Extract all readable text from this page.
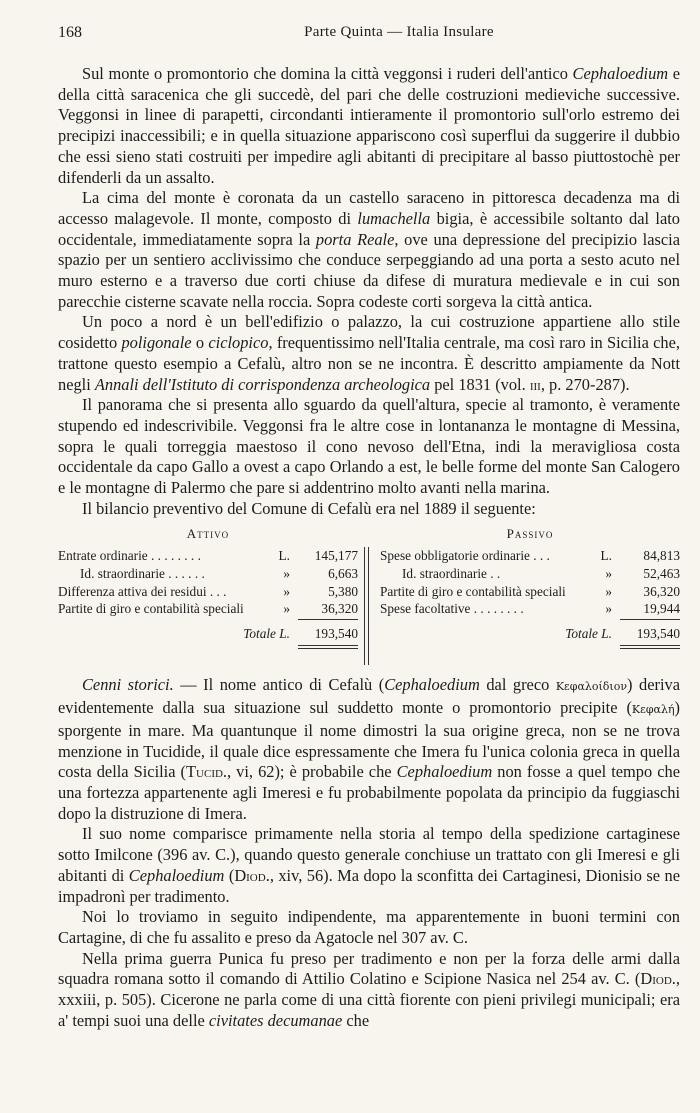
168	Parte Quinta — Italia Insulare

Sul monte o promontorio che domina la città veggonsi i ruderi dell'antico Cephaloedium e della città saracenica che gli succedè, del pari che delle costruzioni medieviche successive. Veggonsi in linee di parapetti, circondanti intieramente il promontorio sull'orlo estremo dei precipizi inaccessibili; e in quella situazione appariscono così superflui da suggerire il dubbio che essi sieno stati costruiti per impedire agli abitanti di precipitare al basso piuttostochè per difenderli da un assalto.

La cima del monte è coronata da un castello saraceno in pittoresca decadenza ma di accesso malagevole. Il monte, composto di lumachella bigia, è accessibile soltanto dal lato occidentale, immediatamente sopra la porta Reale, ove una depressione del precipizio lascia spazio per un sentiero acclivissimo che conduce serpeggiando ad una porta a sesto acuto nel muro esterno e a traverso due corti chiuse da difese di muratura medievale e in cui son parecchie cisterne scavate nella roccia. Sopra codeste corti sorgeva la città antica.

Un poco a nord è un bell'edifizio o palazzo, la cui costruzione appartiene allo stile cosidetto poligonale o ciclopico, frequentissimo nell'Italia centrale, ma così raro in Sicilia che, trattone questo esempio a Cefalù, altro non se ne incontra. È descritto ampiamente da Nott negli Annali dell'Istituto di corrispondenza archeologica pel 1831 (vol. iii, p. 270-287).

Il panorama che si presenta allo sguardo da quell'altura, specie al tramonto, è veramente stupendo ed indescrivibile. Veggonsi fra le altre cose in lontananza le montagne di Messina, sopra le quali torreggia maestoso il cono nevoso dell'Etna, indi la meravigliosa costa occidentale da capo Gallo a ovest a capo Orlando a est, le belle forme del monte San Calogero e le montagne di Palermo che pare si addentrino molto avanti nella marina.

Il bilancio preventivo del Comune di Cefalù era nel 1889 il seguente:

Attivo
Entrate ordinarie . . . . . . . .	L. 145,177
Id. straordinarie . . . . . .	»	6,663
Differenza attiva dei residui . . .	»	5,380
Partite di giro e contabilità speciali	» 36,320
Totale L. 193,540
Passivo
Spese obbligatorie ordinarie . . .	L. 84,813
Id. straordinarie . .	» 52,463
Partite di giro e contabilità speciali	» 36,320
Spese facoltative . . . . . . . .	» 19,944
Totale L. 193,540

Cenni storici. — Il nome antico di Cefalù (Cephaloedium dal greco Κεφαλοίδιον) deriva evidentemente dalla sua situazione sul suddetto monte o promontorio precipite (Κεφαλή) sporgente in mare. Ma quantunque il nome dimostri la sua origine greca, non se ne trova menzione in Tucidide, il quale dice espressamente che Imera fu l'unica colonia greca in quella costa della Sicilia (Tucid., vi, 62); è probabile che Cephaloedium non fosse a quel tempo che una fortezza appartenente agli Imeresi e fu probabilmente popolata da principio da fuggiaschi dopo la distruzione di Imera.

Il suo nome comparisce primamente nella storia al tempo della spedizione cartaginese sotto Imilcone (396 av. C.), quando questo generale conchiuse un trattato con gli Imeresi e gli abitanti di Cephaloedium (Diod., xiv, 56). Ma dopo la sconfitta dei Cartaginesi, Dionisio se ne impadronì per tradimento.

Noi lo troviamo in seguito indipendente, ma apparentemente in buoni termini con Cartagine, di che fu assalito e preso da Agatocle nel 307 av. C.

Nella prima guerra Punica fu preso per tradimento e non per la forza delle armi dalla squadra romana sotto il comando di Attilio Colatino e Scipione Nasica nel 254 av. C. (Diod., xxxiii, p. 505). Cicerone ne parla come di una città fiorente con pieni privilegi municipali; era a' tempi suoi una delle civitates decumanae che
